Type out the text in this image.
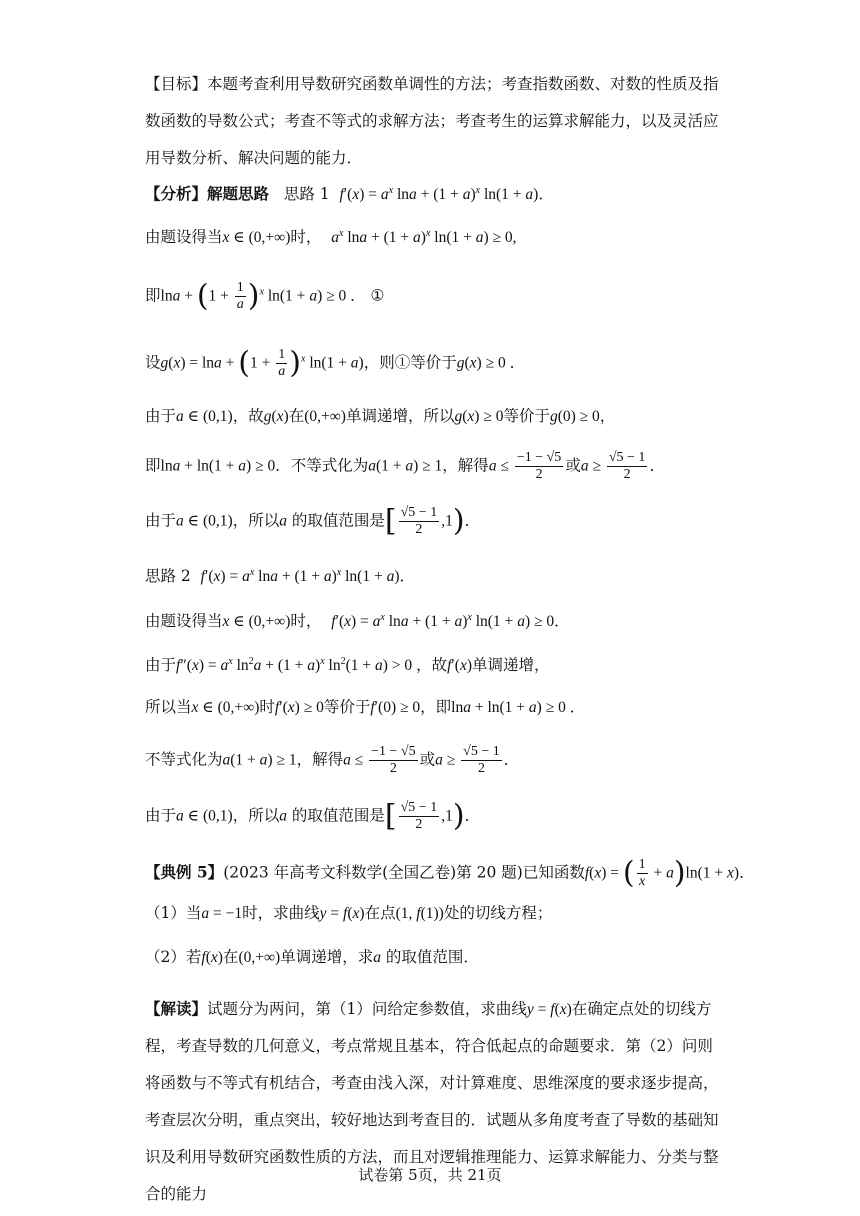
【目标】本题考查利用导数研究函数单调性的方法；考查指数函数、对数的性质及指数函数的导数公式；考查不等式的求解方法；考查考生的运算求解能力，以及灵活应用导数分析、解决问题的能力．
【分析】解题思路 思路 1 $f'(x) = a^x$ $\ln a + (1 + a)^x$ ln(1 + a)．
由题设得当x ∈ (0,+∞)时， $a^x$ $\ln a + (1 + a)^x$ ln(1 + a) ≥ 0,
即$\ln a + (1 + \frac{1}{a} )^x$ ln(1 + a) ≥ 0 ． ①
设$g(x) = \ln a + (1 + \frac{1}{a} )^x$ ln(1 + a)，则①等价于g(x) ≥ 0 ．
由于a ∈ (0,1)，故g(x)在(0,+∞)单调递增，所以g(x) ≥ 0等价于g(0) ≥ 0，
即lna + ln(1 + a) ≥ 0．不等式化为a(1 + a) ≥ 1，解得$a \le \frac{-1 - √5}{2}$ 或$a \ge \frac{√5 - 1}{2}$ ．
由于a ∈ (0,1)，所以a 的取值范围是[ $\frac{√5 - 1}{2} ,1$)．
思路 2 $f'(x) = a^x$ $\ln a + (1 + a)^x$ ln(1 + a)．
由题设得当x ∈ (0,+∞)时， $f'(x) = a^x$ $\ln a + (1 + a)^x$ ln(1 + a) ≥ 0．
由于$f''(x) = a^x$ $\ln^2a + (1 + a)^x$ $\ln^2(1 + a) > 0$ ，故f′(x)单调递增，
所以当x ∈ (0,+∞)时f′(x) ≥ 0等价于f′(0) ≥ 0，即lna + ln(1 + a) ≥ 0 ．
不等式化为a(1 + a) ≥ 1，解得$a \le \frac{-1 - √5}{2}$ 或$a \ge \frac{√5 - 1}{2}$ ．
由于a ∈ (0,1)，所以a 的取值范围是[ $\frac{√5 - 1}{2} ,1$)．
【典例 5】(2023 年高考文科数学(全国乙卷)第 20 题)已知函数f(x) = ( $\frac{1}{x} + a)\ln(1 + x)$．
（1）当a = −1时，求曲线y = f(x)在点(1, f(1))处的切线方程；
（2）若f(x)在(0,+∞)单调递增，求a 的取值范围．
【解读】试题分为两问，第（1）问给定参数值，求曲线y = f(x)在确定点处的切线方程，考查导数的几何意义，考点常规且基本，符合低起点的命题要求．第（2）问则将函数与不等式有机结合，考查由浅入深，对计算难度、思维深度的要求逐步提高，考查层次分明，重点突出，较好地达到考查目的．试题从多角度考查了导数的基础知识及利用导数研究函数性质的方法，而且对逻辑推理能力、运算求解能力、分类与整合的能力
试卷第 5页，共 21页
